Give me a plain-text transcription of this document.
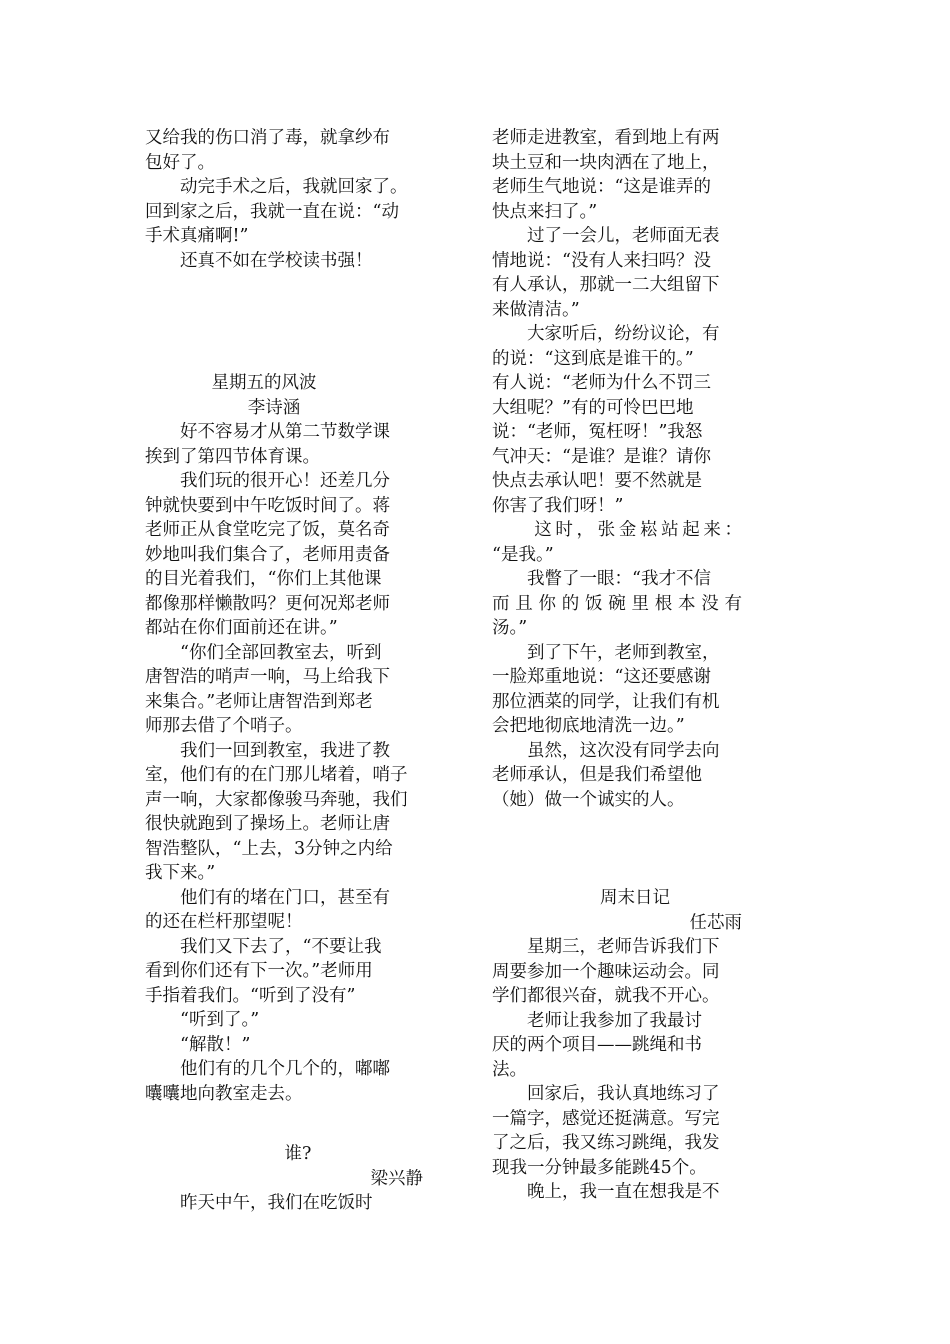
又给我的伤口消了毒，就拿纱布
包好了。
　　动完手术之后，我就回家了。
回到家之后，我就一直在说：“动
手术真痛啊!”
　　还真不如在学校读书强！
星期五的风波
李诗涵
　　好不容易才从第二节数学课
挨到了第四节体育课。
　　我们玩的很开心！还差几分
钟就快要到中午吃饭时间了。蒋
老师正从食堂吃完了饭，莫名奇
妙地叫我们集合了，老师用责备
的目光着我们，“你们上其他课
都像那样懒散吗？更何况郑老师
都站在你们面前还在讲。”
　　“你们全部回教室去，听到
唐智浩的哨声一响，马上给我下
来集合。”老师让唐智浩到郑老
师那去借了个哨子。
　　我们一回到教室，我进了教
室，他们有的在门那儿堵着，哨子
声一响，大家都像骏马奔驰，我们
很快就跑到了操场上。老师让唐
智浩整队，“上去，3分钟之内给
我下来。”
　　他们有的堵在门口，甚至有
的还在栏杆那望呢！
　　我们又下去了，“不要让我
看到你们还有下一次。”老师用
手指着我们。“听到了没有”
　　“听到了。”
　　“解散！”
　　他们有的几个几个的，嘟嘟
囔囔地向教室走去。
谁?
梁兴静
　　昨天中午，我们在吃饭时
老师走进教室，看到地上有两
块土豆和一块肉洒在了地上，
老师生气地说：“这是谁弄的
快点来扫了。”
　　过了一会儿，老师面无表
情地说：“没有人来扫吗？没
有人承认，那就一二大组留下
来做清洁。”
　　大家听后，纷纷议论，有
的说：“这到底是谁干的。”
有人说：“老师为什么不罚三
大组呢？”有的可怜巴巴地
说：“老师，冤枉呀！”我怒
气冲天：“是谁？是谁？请你
快点去承认吧！要不然就是
你害了我们呀！”
　　这时，张金崧站起来：
“是我。”
　　我瞥了一眼：“我才不信
而且你的饭碗里根本没有
汤。”
　　到了下午，老师到教室，
一脸郑重地说：“这还要感谢
那位洒菜的同学，让我们有机
会把地彻底地清洗一边。”
　　虽然，这次没有同学去向
老师承认，但是我们希望他
（她）做一个诚实的人。
周末日记
任芯雨
　　星期三，老师告诉我们下
周要参加一个趣味运动会。同
学们都很兴奋，就我不开心。
　　老师让我参加了我最讨
厌的两个项目——跳绳和书
法。
　　回家后，我认真地练习了
一篇字，感觉还挺满意。写完
了之后，我又练习跳绳，我发
现我一分钟最多能跳45个。
　　晚上，我一直在想我是不
